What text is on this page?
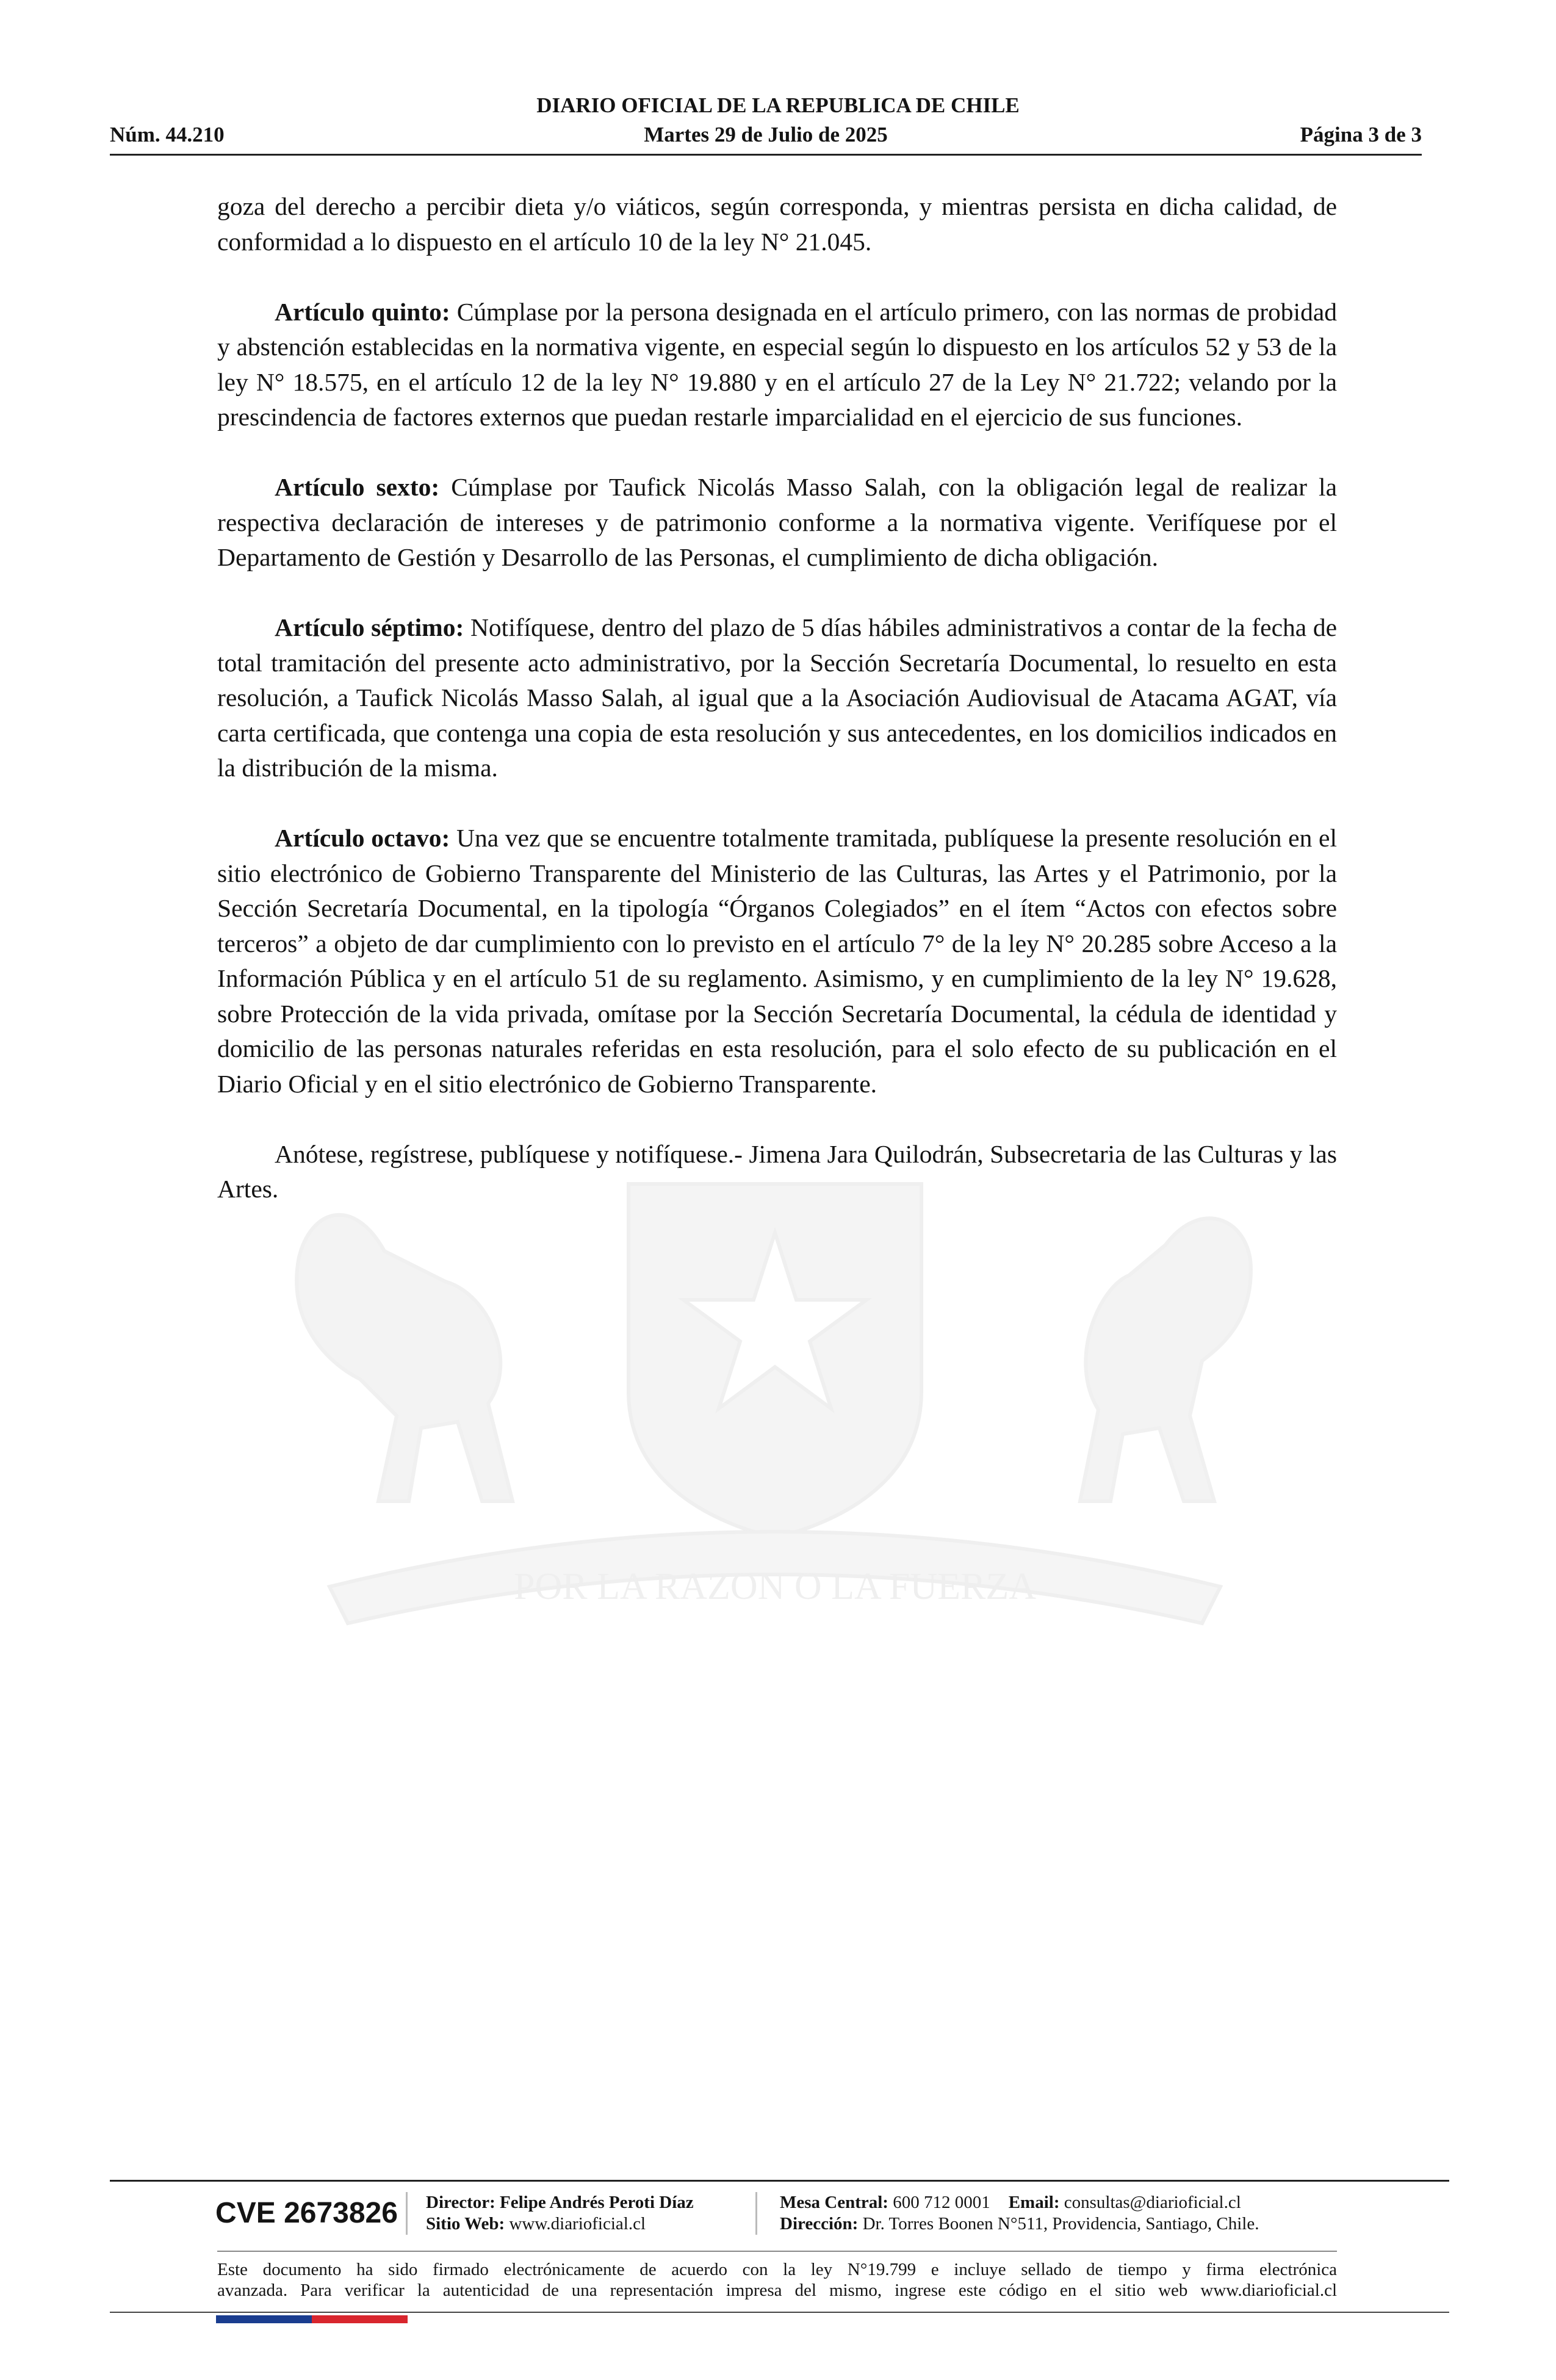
DIARIO OFICIAL DE LA REPUBLICA DE CHILE
Núm. 44.210	Martes 29 de Julio de 2025	Página 3 de 3
POR LA RAZON O LA FUERZA

goza del derecho a percibir dieta y/o viáticos, según corresponda, y mientras persista en dicha calidad, de conformidad a lo dispuesto en el artículo 10 de la ley N° 21.045.

Artículo quinto: Cúmplase por la persona designada en el artículo primero, con las normas de probidad y abstención establecidas en la normativa vigente, en especial según lo dispuesto en los artículos 52 y 53 de la ley N° 18.575, en el artículo 12 de la ley N° 19.880 y en el artículo 27 de la Ley N° 21.722; velando por la prescindencia de factores externos que puedan restarle imparcialidad en el ejercicio de sus funciones.

Artículo sexto: Cúmplase por Taufick Nicolás Masso Salah, con la obligación legal de realizar la respectiva declaración de intereses y de patrimonio conforme a la normativa vigente. Verifíquese por el Departamento de Gestión y Desarrollo de las Personas, el cumplimiento de dicha obligación.

Artículo séptimo: Notifíquese, dentro del plazo de 5 días hábiles administrativos a contar de la fecha de total tramitación del presente acto administrativo, por la Sección Secretaría Documental, lo resuelto en esta resolución, a Taufick Nicolás Masso Salah, al igual que a la Asociación Audiovisual de Atacama AGAT, vía carta certificada, que contenga una copia de esta resolución y sus antecedentes, en los domicilios indicados en la distribución de la misma.

Artículo octavo: Una vez que se encuentre totalmente tramitada, publíquese la presente resolución en el sitio electrónico de Gobierno Transparente del Ministerio de las Culturas, las Artes y el Patrimonio, por la Sección Secretaría Documental, en la tipología “Órganos Colegiados” en el ítem “Actos con efectos sobre terceros” a objeto de dar cumplimiento con lo previsto en el artículo 7° de la ley N° 20.285 sobre Acceso a la Información Pública y en el artículo 51 de su reglamento. Asimismo, y en cumplimiento de la ley N° 19.628, sobre Protección de la vida privada, omítase por la Sección Secretaría Documental, la cédula de identidad y domicilio de las personas naturales referidas en esta resolución, para el solo efecto de su publicación en el Diario Oficial y en el sitio electrónico de Gobierno Transparente.

Anótese, regístrese, publíquese y notifíquese.- Jimena Jara Quilodrán, Subsecretaria de las Culturas y las Artes.

CVE 2673826	Director: Felipe Andrés Peroti Díaz
Sitio Web: www.diarioficial.cl
Mesa Central: 600 712 0001 Email: consultas@diarioficial.cl
Dirección: Dr. Torres Boonen N°511, Providencia, Santiago, Chile.
Este documento ha sido firmado electrónicamente de acuerdo con la ley N°19.799 e incluye sellado de tiempo y firma electrónica
avanzada. Para verificar la autenticidad de una representación impresa del mismo, ingrese este código en el sitio web www.diarioficial.cl
